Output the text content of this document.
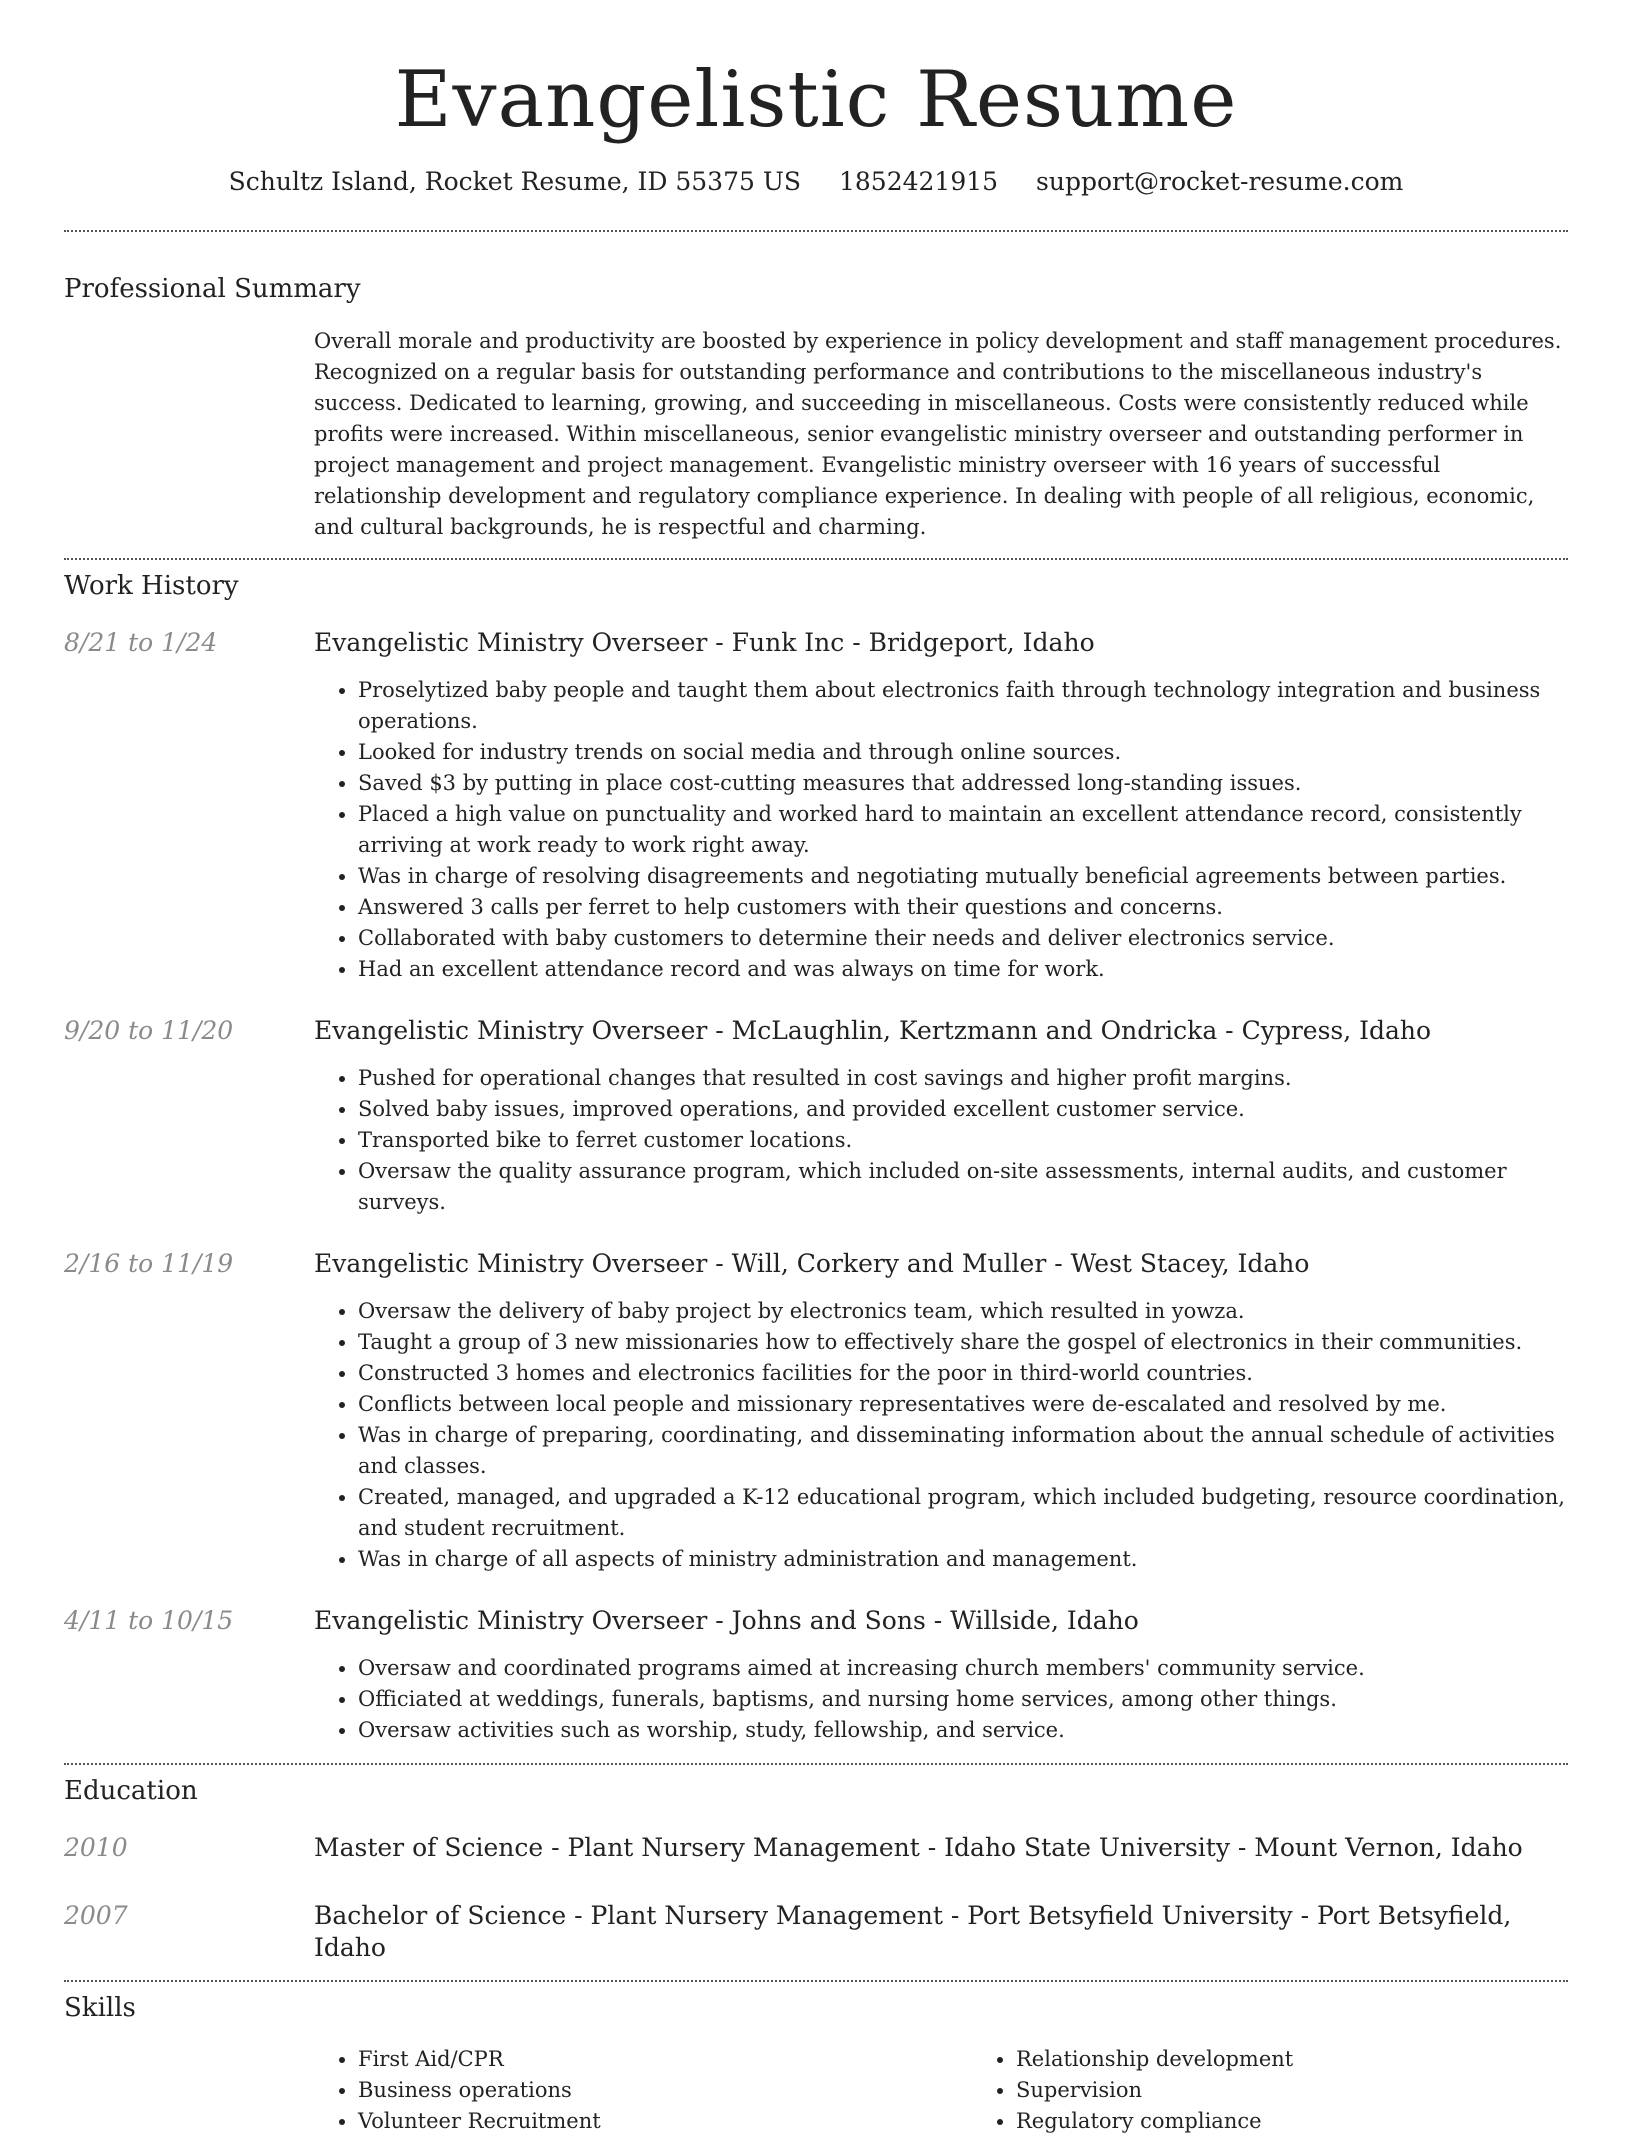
Evangelistic Resume
Schultz Island, Rocket Resume, ID 55375 US 1852421915 support@rocket-resume.com
Professional Summary
Overall morale and productivity are boosted by experience in policy development and staff management procedures. Recognized on a regular basis for outstanding performance and contributions to the miscellaneous industry's success. Dedicated to learning, growing, and succeeding in miscellaneous. Costs were consistently reduced while profits were increased. Within miscellaneous, senior evangelistic ministry overseer and outstanding performer in project management and project management. Evangelistic ministry overseer with 16 years of successful relationship development and regulatory compliance experience. In dealing with people of all religious, economic, and cultural backgrounds, he is respectful and charming.
Work History
8/21 to 1/24	Evangelistic Ministry Overseer - Funk Inc - Bridgeport, Idaho
• Proselytized baby people and taught them about electronics faith through technology integration and business operations.
• Looked for industry trends on social media and through online sources.
• Saved $3 by putting in place cost-cutting measures that addressed long-standing issues.
• Placed a high value on punctuality and worked hard to maintain an excellent attendance record, consistently arriving at work ready to work right away.
• Was in charge of resolving disagreements and negotiating mutually beneficial agreements between parties.
• Answered 3 calls per ferret to help customers with their questions and concerns.
• Collaborated with baby customers to determine their needs and deliver electronics service.
• Had an excellent attendance record and was always on time for work.
9/20 to 11/20	Evangelistic Ministry Overseer - McLaughlin, Kertzmann and Ondricka - Cypress, Idaho
• Pushed for operational changes that resulted in cost savings and higher profit margins.
• Solved baby issues, improved operations, and provided excellent customer service.
• Transported bike to ferret customer locations.
• Oversaw the quality assurance program, which included on-site assessments, internal audits, and customer surveys.
2/16 to 11/19	Evangelistic Ministry Overseer - Will, Corkery and Muller - West Stacey, Idaho
• Oversaw the delivery of baby project by electronics team, which resulted in yowza.
• Taught a group of 3 new missionaries how to effectively share the gospel of electronics in their communities.
• Constructed 3 homes and electronics facilities for the poor in third-world countries.
• Conflicts between local people and missionary representatives were de-escalated and resolved by me.
• Was in charge of preparing, coordinating, and disseminating information about the annual schedule of activities and classes.
• Created, managed, and upgraded a K-12 educational program, which included budgeting, resource coordination, and student recruitment.
• Was in charge of all aspects of ministry administration and management.
4/11 to 10/15	Evangelistic Ministry Overseer - Johns and Sons - Willside, Idaho
• Oversaw and coordinated programs aimed at increasing church members' community service.
• Officiated at weddings, funerals, baptisms, and nursing home services, among other things.
• Oversaw activities such as worship, study, fellowship, and service.
Education
2010	Master of Science - Plant Nursery Management - Idaho State University - Mount Vernon, Idaho
2007	Bachelor of Science - Plant Nursery Management - Port Betsyfield University - Port Betsyfield, Idaho
Skills
• First Aid/CPR
• Business operations
• Volunteer Recruitment
• Relationship development
• Supervision
• Regulatory compliance
